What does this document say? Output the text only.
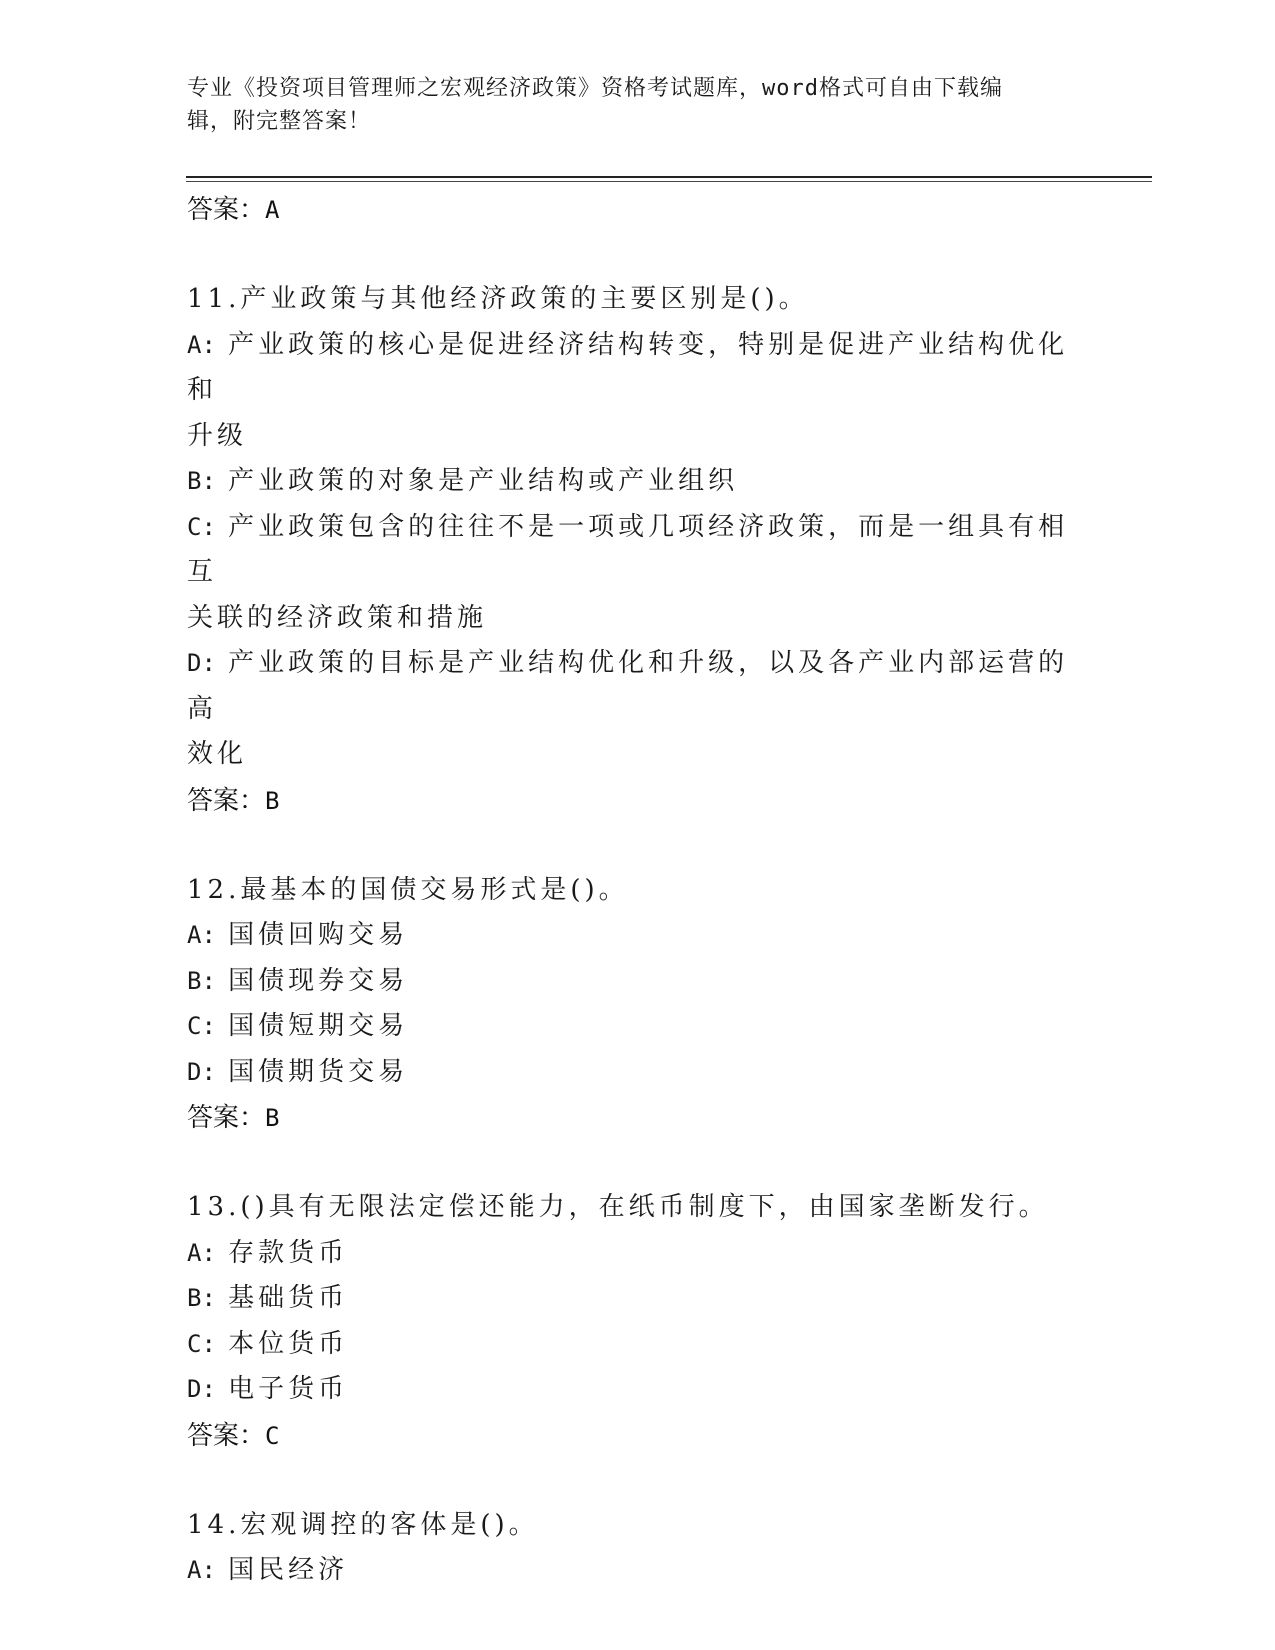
专业《投资项目管理师之宏观经济政策》资格考试题库，word格式可自由下载编
辑，附完整答案！
答案：A
11.产业政策与其他经济政策的主要区别是()。
A: 产业政策的核心是促进经济结构转变，特别是促进产业结构优化和
升级
B: 产业政策的对象是产业结构或产业组织
C: 产业政策包含的往往不是一项或几项经济政策，而是一组具有相互
关联的经济政策和措施
D: 产业政策的目标是产业结构优化和升级，以及各产业内部运营的高
效化
答案：B
12.最基本的国债交易形式是()。
A: 国债回购交易
B: 国债现券交易
C: 国债短期交易
D: 国债期货交易
答案：B
13.()具有无限法定偿还能力，在纸币制度下，由国家垄断发行。
A: 存款货币
B: 基础货币
C: 本位货币
D: 电子货币
答案：C
14.宏观调控的客体是()。
A: 国民经济
